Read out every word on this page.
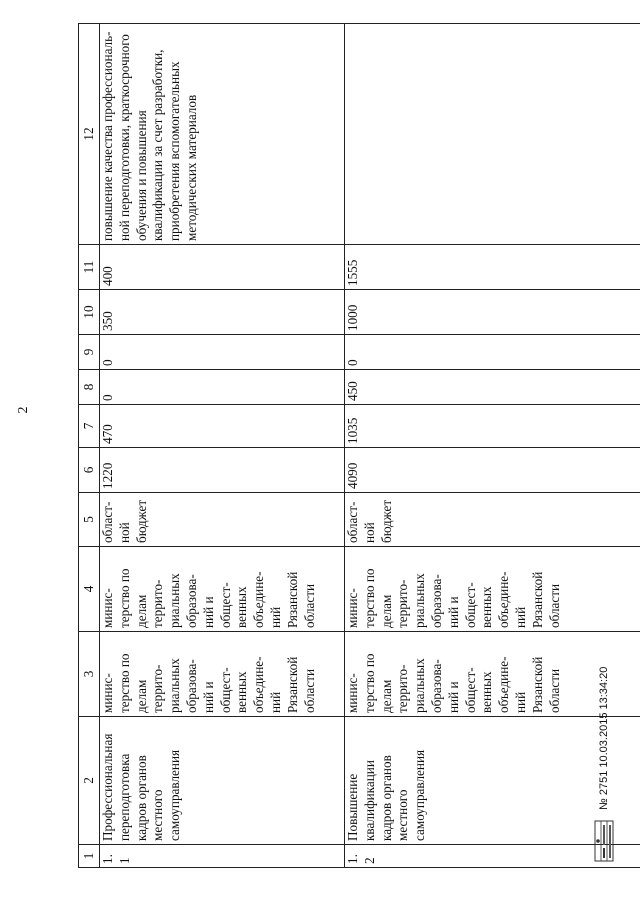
2
1	2	3	4	5	6	7	8	9	10	11	12
1.1	Профессиональная переподготовка кадров органов местного самоуправления	минис- терство по делам террито- риальных образова- ний и общест- венных объедине- ний Рязанской области	минис- терство по делам террито- риальных образова- ний и общест- венных объедине- ний Рязанской области	област- ной бюджет	1220	470	0	0	350	400	повышение качества профессиональ- ной переподготовки, краткосрочного обучения и повышения квалификации за счет разработки, приобретения вспомогательных методических материалов
1.2	Повышение квалификации кадров органов местного самоуправления	минис- терство по делам террито- риальных образова- ний и общест- венных объедине- ний Рязанской области	минис- терство по делам террито- риальных образова- ний и общест- венных объедине- ний Рязанской области	област- ной бюджет	4090	1035	450	0	1000	1555	
№ 2751 10.03.2015 13:34:20
